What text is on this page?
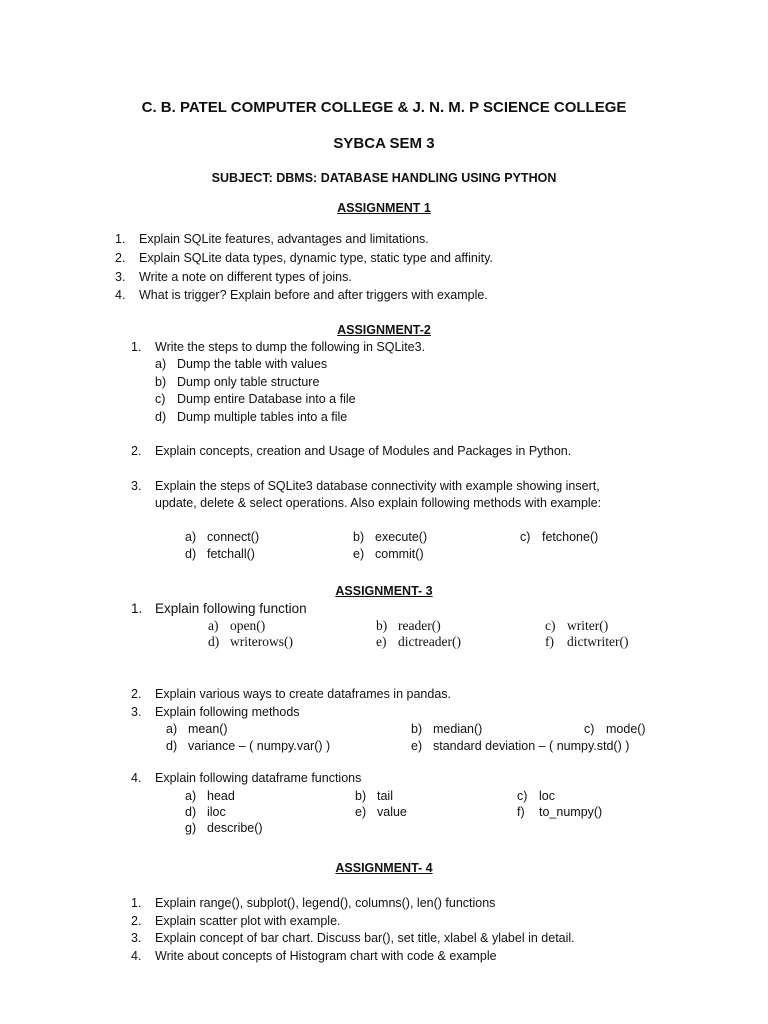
C. B. PATEL COMPUTER COLLEGE & J. N. M. P SCIENCE COLLEGE
SYBCA SEM 3
SUBJECT: DBMS: DATABASE HANDLING USING PYTHON
ASSIGNMENT 1
1. Explain SQLite features, advantages and limitations.
2. Explain SQLite data types, dynamic type, static type and affinity.
3. Write a note on different types of joins.
4. What is trigger? Explain before and after triggers with example.
ASSIGNMENT-2
1. Write the steps to dump the following in SQLite3.
a) Dump the table with values
b) Dump only table structure
c) Dump entire Database into a file
d) Dump multiple tables into a file
2. Explain concepts, creation and Usage of Modules and Packages in Python.
3. Explain the steps of SQLite3 database connectivity with example showing insert,
update, delete & select operations. Also explain following methods with example:
a) connect()	b) execute()	c) fetchone()
d) fetchall()	e) commit()
ASSIGNMENT- 3
1. Explain following function
a) open()	b) reader()	c) writer()
d) writerows()	e) dictreader()	f) dictwriter()
2. Explain various ways to create dataframes in pandas.
3. Explain following methods
a) mean()	b) median()	c) mode()
d) variance – ( numpy.var() )	e) standard deviation – ( numpy.std() )
4. Explain following dataframe functions
a) head	b) tail	c) loc
d) iloc	e) value	f) to_numpy()
g) describe()
ASSIGNMENT- 4
1. Explain range(), subplot(), legend(), columns(), len() functions
2. Explain scatter plot with example.
3. Explain concept of bar chart. Discuss bar(), set title, xlabel & ylabel in detail.
4. Write about concepts of Histogram chart with code & example
